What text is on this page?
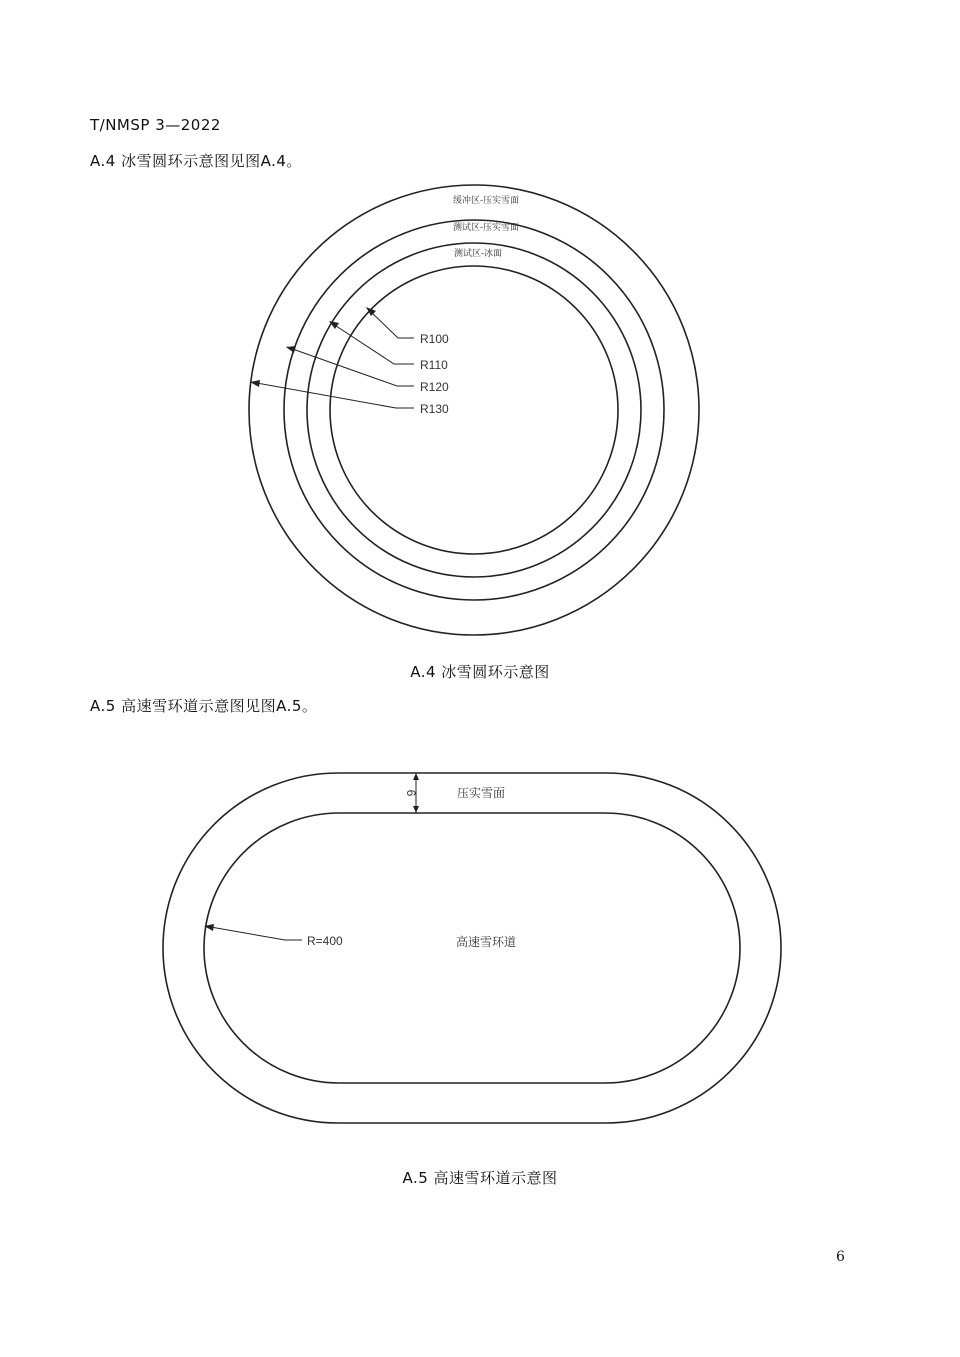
T/NMSP 3—2022
A.4 冰雪圆环示意图见图A.4。
缓冲区-压实雪面
测试区-压实雪面
测试区-冰面
R100
R110
R120
R130
6	压实雪面
R=400	高速雪环道
A.4 冰雪圆环示意图
A.5 高速雪环道示意图见图A.5。
A.5 高速雪环道示意图
6
